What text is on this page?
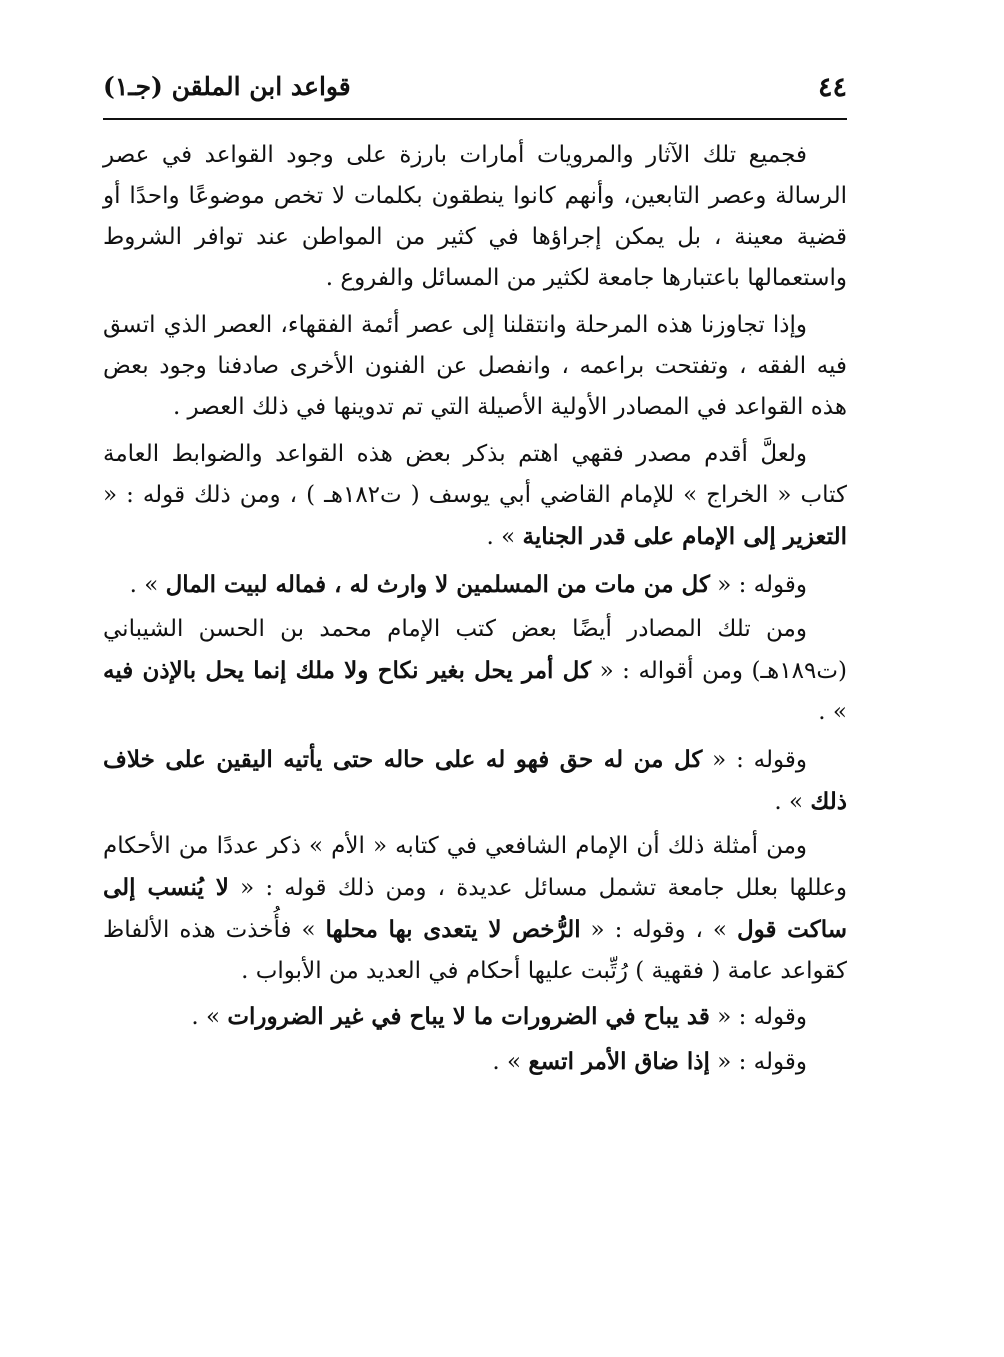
٤٤
قواعد ابن الملقن (جـ١)

فجميع تلك الآثار والمرويات أمارات بارزة على وجود القواعد في عصر الرسالة وعصر التابعين، وأنهم كانوا ينطقون بكلمات لا تخص موضوعًا واحدًا أو قضية معينة ، بل يمكن إجراؤها في كثير من المواطن عند توافر الشروط واستعمالها باعتبارها جامعة لكثير من المسائل والفروع .

وإذا تجاوزنا هذه المرحلة وانتقلنا إلى عصر أئمة الفقهاء، العصر الذي اتسق فيه الفقه ، وتفتحت براعمه ، وانفصل عن الفنون الأخرى صادفنا وجود بعض هذه القواعد في المصادر الأولية الأصيلة التي تم تدوينها في ذلك العصر .

ولعلَّ أقدم مصدر فقهي اهتم بذكر بعض هذه القواعد والضوابط العامة كتاب « الخراج » للإمام القاضي أبي يوسف ( ت١٨٢هـ ) ، ومن ذلك قوله : « التعزير إلى الإمام على قدر الجناية » .

وقوله : « كل من مات من المسلمين لا وارث له ، فماله لبيت المال » .

ومن تلك المصادر أيضًا بعض كتب الإمام محمد بن الحسن الشيباني (ت١٨٩هـ) ومن أقواله : « كل أمر يحل بغير نكاح ولا ملك إنما يحل بالإذن فيه » .

وقوله : « كل من له حق فهو له على حاله حتى يأتيه اليقين على خلاف ذلك » .

ومن أمثلة ذلك أن الإمام الشافعي في كتابه « الأم » ذكر عددًا من الأحكام وعللها بعلل جامعة تشمل مسائل عديدة ، ومن ذلك قوله : « لا يُنسب إلى ساكت قول » ، وقوله : « الرُّخص لا يتعدى بها محلها » فأُخذت هذه الألفاظ كقواعد عامة ( فقهية ) رُتِّبت عليها أحكام في العديد من الأبواب .

وقوله : « قد يباح في الضرورات ما لا يباح في غير الضرورات » .

وقوله : « إذا ضاق الأمر اتسع » .
